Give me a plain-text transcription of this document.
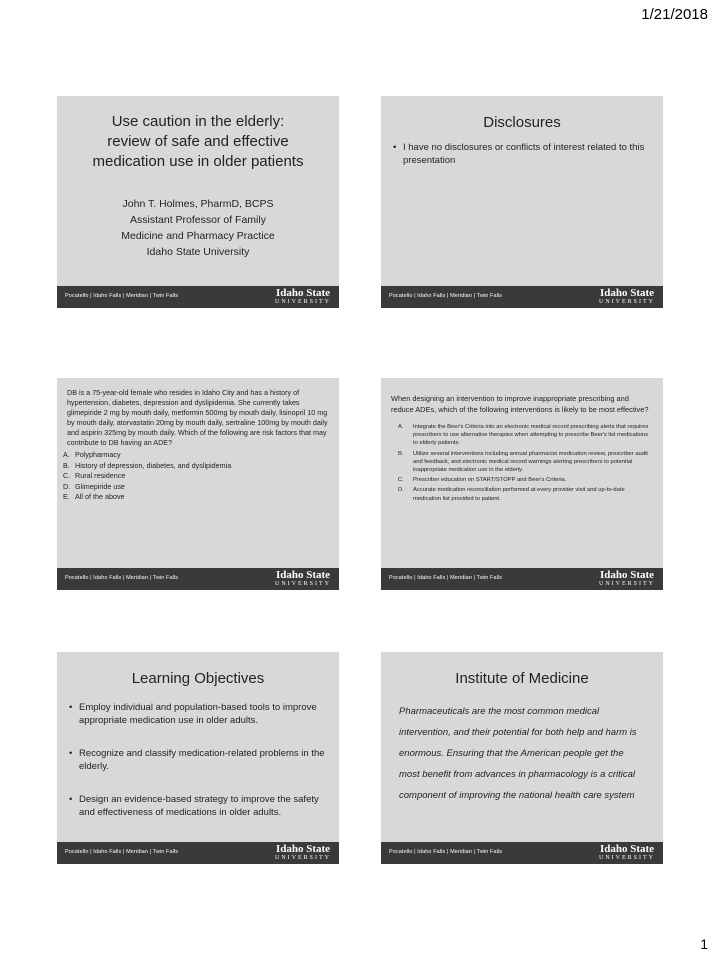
1/21/2018
Use caution in the elderly:
review of safe and effective
medication use in older patients
John T. Holmes, PharmD, BCPS
Assistant Professor of Family
Medicine and Pharmacy Practice
Idaho State University
Pocatello | Idaho Falls | Meridian | Twin Falls	Idaho State
UNIVERSITY
Disclosures
• I have no disclosures or conflicts of interest related to this presentation
Pocatello | Idaho Falls | Meridian | Twin Falls	Idaho State
UNIVERSITY
DB is a 75-year-old female who resides in Idaho City and has a history of hypertension, diabetes, depression and dyslipidemia. She currently takes glimepiride 2 mg by mouth daily, metformin 500mg by mouth daily, lisinopril 10 mg by mouth daily, atorvastatin 20mg by mouth daily, sertraline 100mg by mouth daily and aspirin 325mg by mouth daily. Which of the following are risk factors that may contribute to DB having an ADE?
A. Polypharmacy
B. History of depression, diabetes, and dyslipidemia
C. Rural residence
D. Glimepiride use
E. All of the above
Pocatello | Idaho Falls | Meridian | Twin Falls	Idaho State
UNIVERSITY
When designing an intervention to improve inappropriate prescribing and reduce ADEs, which of the following interventions is likely to be most effective?
A. Integrate the Beer's Criteria into an electronic medical record prescribing alerts that requires prescribers to use alternative therapies when attempting to prescribe Beer's list medications to elderly patients.
B. Utilize several interventions including annual pharmacist medication review, prescriber audit and feedback, and electronic medical record warnings alerting prescribers to potential inappropriate medication use in the elderly.
C. Prescriber education on START/STOPP and Beer's Criteria.
D. Accurate medication reconciliation performed at every provider visit and up-to-date medication list provided to patient.
Pocatello | Idaho Falls | Meridian | Twin Falls	Idaho State
UNIVERSITY
Learning Objectives
• Employ individual and population-based tools to improve appropriate medication use in older adults.
• Recognize and classify medication-related problems in the elderly.
• Design an evidence-based strategy to improve the safety and effectiveness of medications in older adults.
Pocatello | Idaho Falls | Meridian | Twin Falls	Idaho State
UNIVERSITY
Institute of Medicine
Pharmaceuticals are the most common medical intervention, and their potential for both help and harm is enormous. Ensuring that the American people get the most benefit from advances in pharmacology is a critical component of improving the national health care system
Pocatello | Idaho Falls | Meridian | Twin Falls	Idaho State
UNIVERSITY
1
